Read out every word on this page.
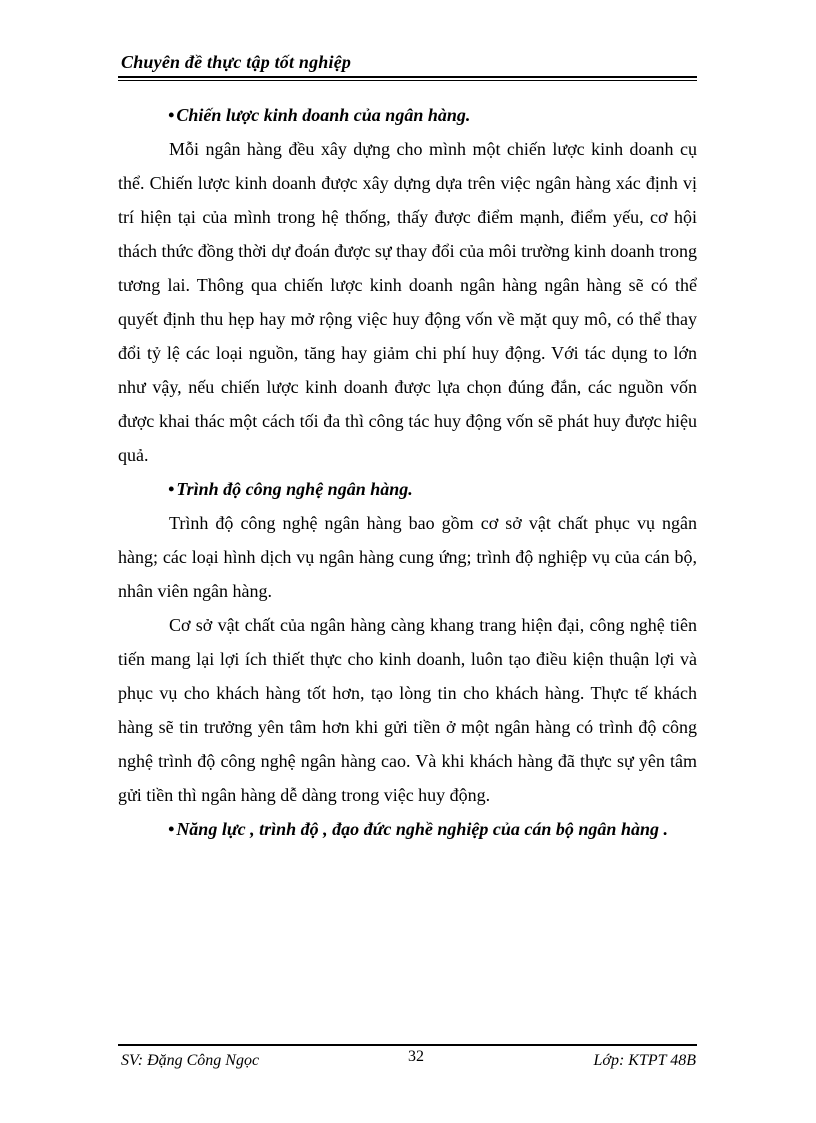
Chuyên đề thực tập tốt nghiệp

• Chiến lược kinh doanh của ngân hàng.

Mỗi ngân hàng đều xây dựng cho mình một chiến lược kinh doanh cụ thể. Chiến lược kinh doanh được xây dựng dựa trên việc ngân hàng xác định vị trí hiện tại của mình trong hệ thống, thấy được điểm mạnh, điểm yếu, cơ hội thách thức đồng thời dự đoán được sự thay đổi của môi trường kinh doanh trong tương lai. Thông qua chiến lược kinh doanh ngân hàng ngân hàng sẽ có thể quyết định thu hẹp hay mở rộng việc huy động vốn về mặt quy mô, có thể thay đổi tỷ lệ các loại nguồn, tăng hay giảm chi phí huy động. Với tác dụng to lớn như vậy, nếu chiến lược kinh doanh được lựa chọn đúng đắn, các nguồn vốn được khai thác một cách tối đa thì công tác huy động vốn sẽ phát huy được hiệu quả.

• Trình độ công nghệ ngân hàng.

Trình độ công nghệ ngân hàng bao gồm cơ sở vật chất phục vụ ngân hàng; các loại hình dịch vụ ngân hàng cung ứng; trình độ nghiệp vụ của cán bộ, nhân viên ngân hàng.

Cơ sở vật chất của ngân hàng càng khang trang hiện đại, công nghệ tiên tiến mang lại lợi ích thiết thực cho kinh doanh, luôn tạo điều kiện thuận lợi và phục vụ cho khách hàng tốt hơn, tạo lòng tin cho khách hàng. Thực tế khách hàng sẽ tin trưởng yên tâm hơn khi gửi tiền ở một ngân hàng có trình độ công nghệ trình độ công nghệ ngân hàng cao. Và khi khách hàng đã thực sự yên tâm gửi tiền thì ngân hàng dễ dàng trong việc huy động.

• Năng lực , trình độ , đạo đức nghề nghiệp của cán bộ ngân hàng .

SV: Đặng Công Ngọc	32	Lớp: KTPT 48B
